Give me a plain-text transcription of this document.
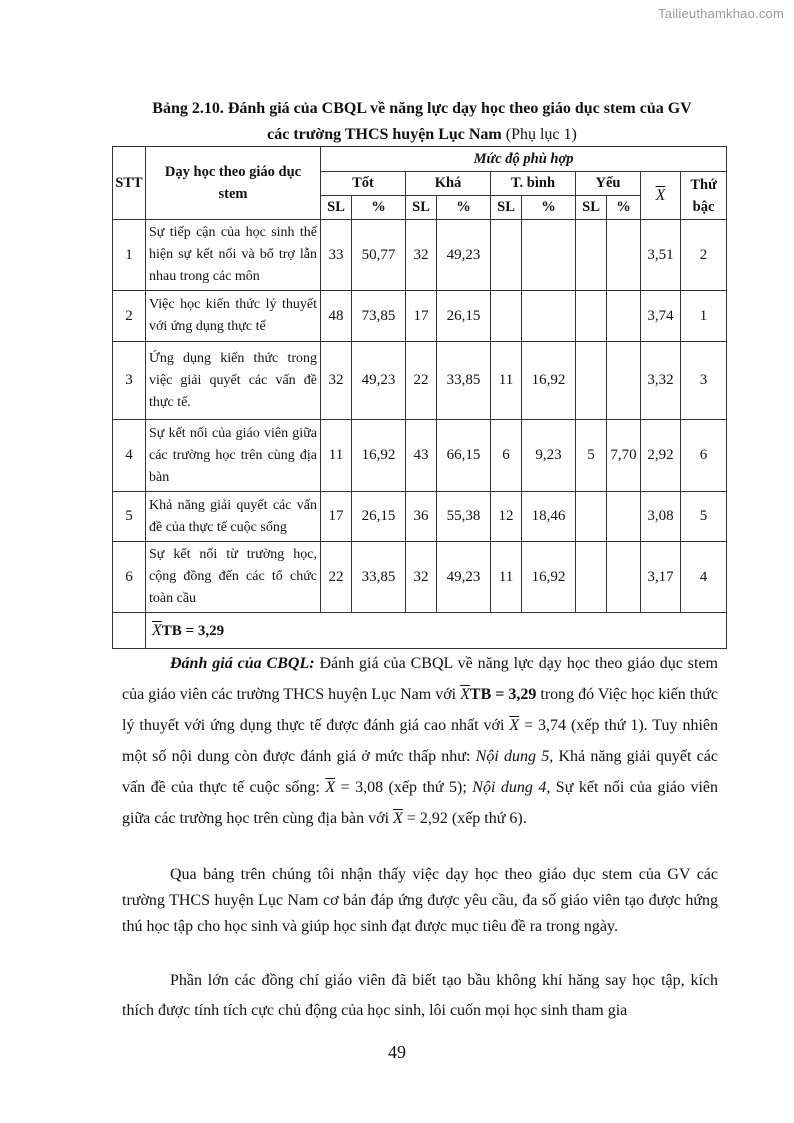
Tailieuthamkhao.com
Bảng 2.10. Đánh giá của CBQL về năng lực dạy học theo giáo dục stem của GV
các trường THCS huyện Lục Nam (Phụ lục 1)
STT	Dạy học theo giáo dục stem	Mức độ phù hợp									
		Tốt		Khá		T. bình		Yếu		$\overline{X}$	Thứ bậc
		SL	%	SL	%	SL	%	SL	%		
1	Sự tiếp cận của học sinh thể hiện sự kết nối và bổ trợ lẫn nhau trong các môn	33	50,77	32	49,23					3,51	2
2	Việc học kiến thức lý thuyết với ứng dụng thực tế	48	73,85	17	26,15					3,74	1
3	Ứng dụng kiến thức trong việc giải quyết các vấn đề thực tế.	32	49,23	22	33,85	11	16,92			3,32	3
4	Sự kết nối của giáo viên giữa các trường học trên cùng địa bàn	11	16,92	43	66,15	6	9,23	5	7,70	2,92	6
5	Khả năng giải quyết các vấn đề của thực tế cuộc sống	17	26,15	36	55,38	12	18,46			3,08	5
6	Sự kết nối từ trường học, cộng đồng đến các tổ chức toàn cầu	22	33,85	32	49,23	11	16,92			3,17	4
	$\overline{X}TB = 3,29$										
Đánh giá của CBQL: Đánh giá của CBQL về năng lực dạy học theo giáo dục stem của giáo viên các trường THCS huyện Lục Nam với $\overline{X}TB = 3,29$ trong đó Việc học kiến thức lý thuyết với ứng dụng thực tế được đánh giá cao nhất với $\overline{X} = 3,74$ (xếp thứ 1). Tuy nhiên một số nội dung còn được đánh giá ở mức thấp như: Nội dung 5, Khả năng giải quyết các vấn đề của thực tế cuộc sống: $\overline{X} = 3,08$ (xếp thứ 5); Nội dung 4, Sự kết nối của giáo viên giữa các trường học trên cùng địa bàn với $\overline{X} = 2,92$ (xếp thứ 6).
Qua bảng trên chúng tôi nhận thấy việc dạy học theo giáo dục stem của GV các trường THCS huyện Lục Nam cơ bản đáp ứng được yêu cầu, đa số giáo viên tạo được hứng thú học tập cho học sinh và giúp học sinh đạt được mục tiêu đề ra trong ngày.
Phần lớn các đồng chí giáo viên đã biết tạo bầu không khí hăng say học tập, kích thích được tính tích cực chủ động của học sinh, lôi cuốn mọi học sinh tham gia
49
